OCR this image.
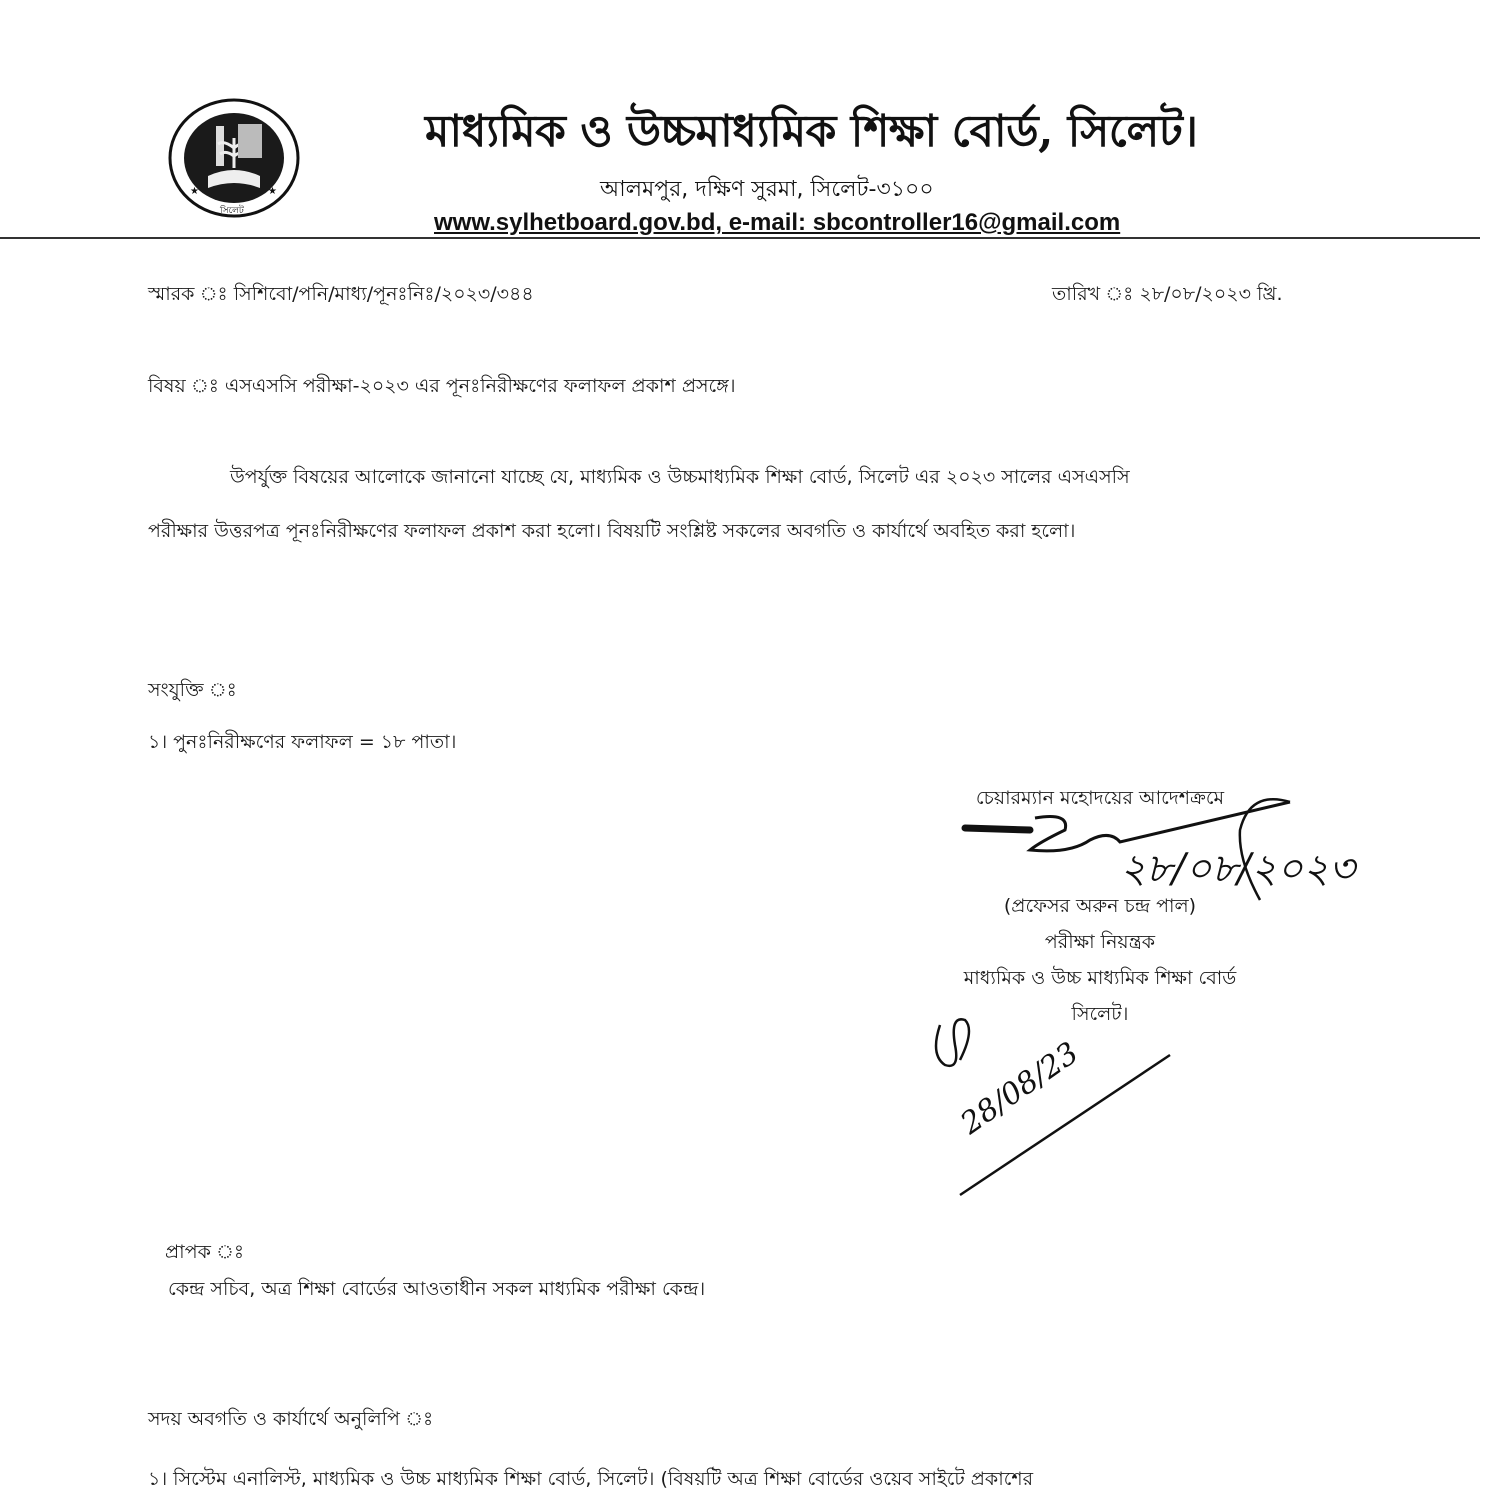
★	★
সিলেট
মাধ্যমিক ও উচ্চমাধ্যমিক শিক্ষা বোর্ড, সিলেট।
আলমপুর, দক্ষিণ সুরমা, সিলেট-৩১০০
www.sylhetboard.gov.bd, e-mail: sbcontroller16@gmail.com
স্মারক ঃ সিশিবো/পনি/মাধ্য/পূনঃনিঃ/২০২৩/৩৪৪	তারিখ ঃ ২৮/০৮/২০২৩ খ্রি.
বিষয় ঃ এসএসসি পরীক্ষা-২০২৩ এর পূনঃনিরীক্ষণের ফলাফল প্রকাশ প্রসঙ্গে।
উপর্যুক্ত বিষয়ের আলোকে জানানো যাচ্ছে যে, মাধ্যমিক ও উচ্চমাধ্যমিক শিক্ষা বোর্ড, সিলেট এর ২০২৩ সালের এসএসসি
পরীক্ষার উত্তরপত্র পূনঃনিরীক্ষণের ফলাফল প্রকাশ করা হলো। বিষয়টি সংশ্লিষ্ট সকলের অবগতি ও কার্যার্থে অবহিত করা হলো।
সংযুক্তি ঃ
১। পুনঃনিরীক্ষণের ফলাফল = ১৮ পাতা।
চেয়ারম্যান মহোদয়ের আদেশক্রমে
(প্রফেসর অরুন চন্দ্র পাল)
পরীক্ষা নিয়ন্ত্রক
মাধ্যমিক ও উচ্চ মাধ্যমিক শিক্ষা বোর্ড
সিলেট।
২৮/০৮/২০২৩
28/08/23
প্রাপক ঃ
কেন্দ্র সচিব, অত্র শিক্ষা বোর্ডের আওতাধীন সকল মাধ্যমিক পরীক্ষা কেন্দ্র।
সদয় অবগতি ও কার্যার্থে অনুলিপি ঃ
১। সিস্টেম এনালিস্ট, মাধ্যমিক ও উচ্চ মাধ্যমিক শিক্ষা বোর্ড, সিলেট। (বিষয়টি অত্র শিক্ষা বোর্ডের ওয়েব সাইটে প্রকাশের
